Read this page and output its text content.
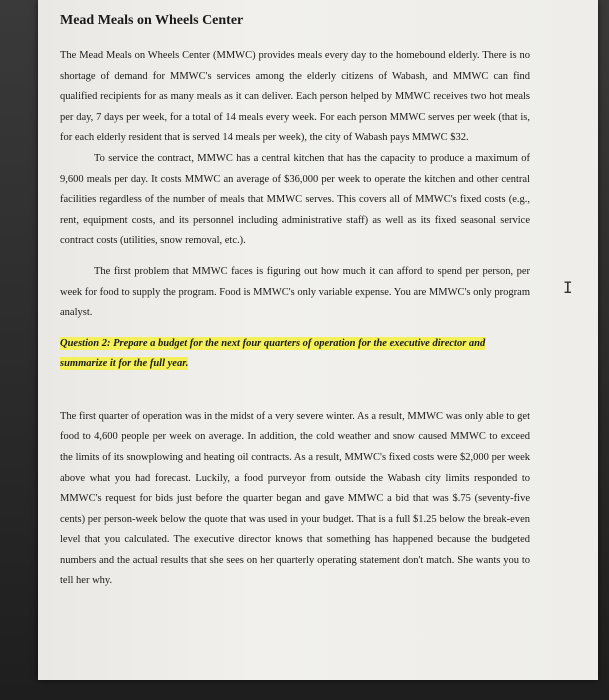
Mead Meals on Wheels Center

The Mead Meals on Wheels Center (MMWC) provides meals every day to the homebound elderly. There is no shortage of demand for MMWC's services among the elderly citizens of Wabash, and MMWC can find qualified recipients for as many meals as it can deliver. Each person helped by MMWC receives two hot meals per day, 7 days per week, for a total of 14 meals every week. For each person MMWC serves per week (that is, for each elderly resident that is served 14 meals per week), the city of Wabash pays MMWC $32.

To service the contract, MMWC has a central kitchen that has the capacity to produce a maximum of 9,600 meals per day. It costs MMWC an average of $36,000 per week to operate the kitchen and other central facilities regardless of the number of meals that MMWC serves. This covers all of MMWC's fixed costs (e.g., rent, equipment costs, and its personnel including administrative staff) as well as its fixed seasonal service contract costs (utilities, snow removal, etc.).

The first problem that MMWC faces is figuring out how much it can afford to spend per person, per week for food to supply the program. Food is MMWC's only variable expense. You are MMWC's only program analyst.

Question 2: Prepare a budget for the next four quarters of operation for the executive director and summarize it for the full year.

The first quarter of operation was in the midst of a very severe winter. As a result, MMWC was only able to get food to 4,600 people per week on average. In addition, the cold weather and snow caused MMWC to exceed the limits of its snowplowing and heating oil contracts. As a result, MMWC's fixed costs were $2,000 per week above what you had forecast. Luckily, a food purveyor from outside the Wabash city limits responded to MMWC's request for bids just before the quarter began and gave MMWC a bid that was $.75 (seventy-five cents) per person-week below the quote that was used in your budget. That is a full $1.25 below the break-even level that you calculated. The executive director knows that something has happened because the budgeted numbers and the actual results that she sees on her quarterly operating statement don't match. She wants you to tell her why.

I
